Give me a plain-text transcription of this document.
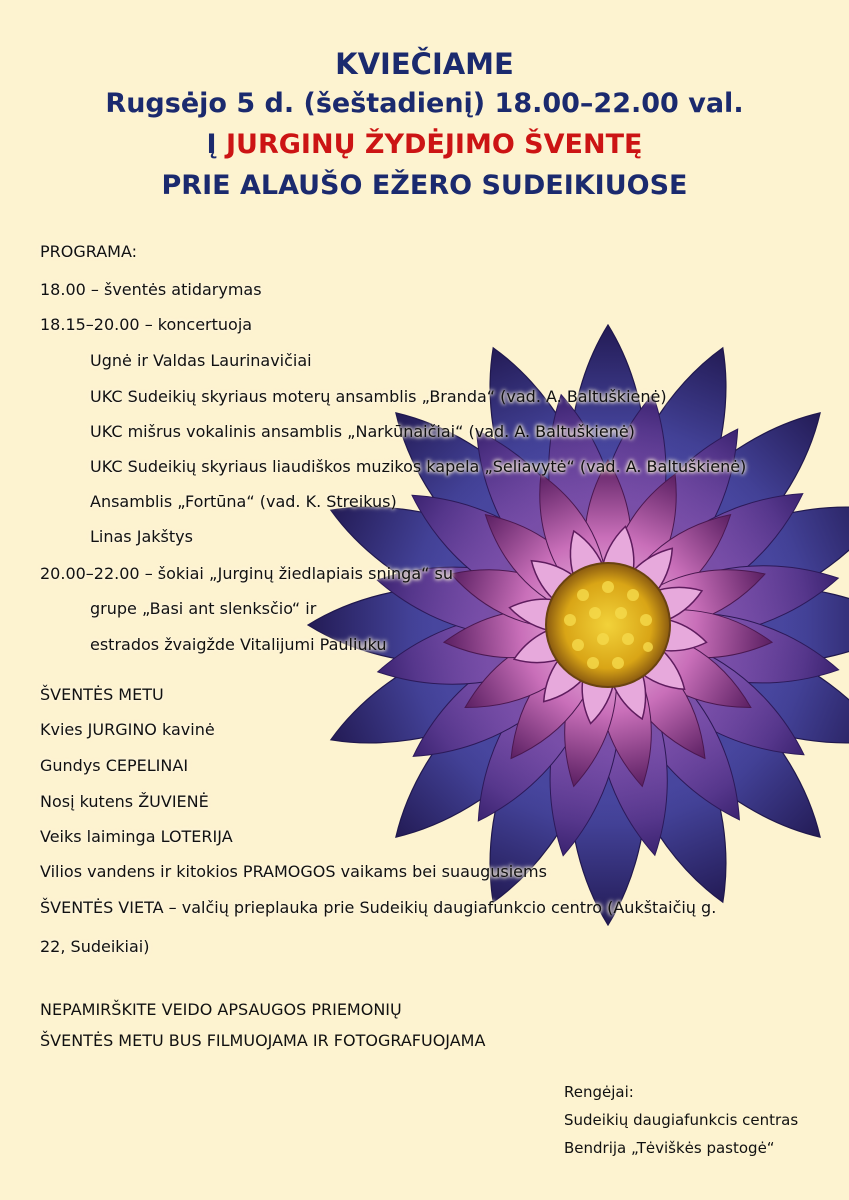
KVIEČIAME
Rugsėjo 5 d. (šeštadienį) 18.00–22.00 val.
Į JURGINŲ ŽYDĖJIMO ŠVENTĘ
PRIE ALAUŠO EŽERO SUDEIKIUOSE
PROGRAMA:
18.00 – šventės atidarymas
18.15–20.00 – koncertuoja
Ugnė ir Valdas Laurinavičiai
UKC Sudeikių skyriaus moterų ansamblis „Branda“ (vad. A. Baltuškienė)
UKC mišrus vokalinis ansamblis „Narkūnaičiai“ (vad. A. Baltuškienė)
UKC Sudeikių skyriaus liaudiškos muzikos kapela „Seliavytė“ (vad. A. Baltuškienė)
Ansamblis „Fortūna“ (vad. K. Streikus)
Linas Jakštys
20.00–22.00 – šokiai „Jurginų žiedlapiais sninga“ su
grupe „Basi ant slenksčio“ ir
estrados žvaigžde Vitalijumi Pauliuku
ŠVENTĖS METU
Kvies JURGINO kavinė
Gundys CEPELINAI
Nosį kutens ŽUVIENĖ
Veiks laiminga LOTERIJA
Vilios vandens ir kitokios PRAMOGOS vaikams bei suaugusiems
ŠVENTĖS VIETA – valčių prieplauka prie Sudeikių daugiafunkcio centro (Aukštaičių g.
22, Sudeikiai)
NEPAMIRŠKITE VEIDO APSAUGOS PRIEMONIŲ
ŠVENTĖS METU BUS FILMUOJAMA IR FOTOGRAFUOJAMA
Rengėjai:
Sudeikių daugiafunkcis centras
Bendrija „Tėviškės pastogė“
